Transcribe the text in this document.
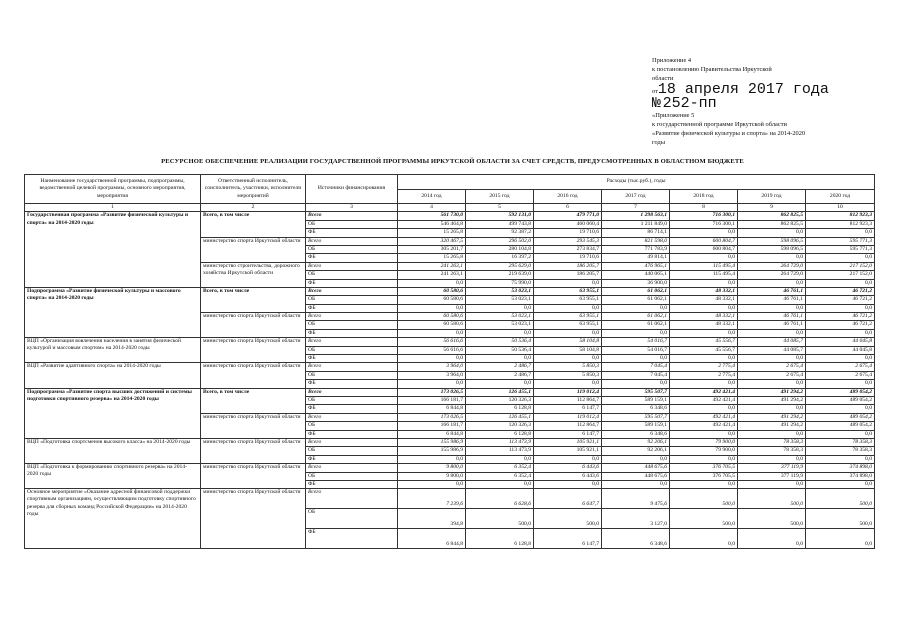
Приложение 4
к постановлению Правительства Иркутской
области
от18 апреля 2017 года
№ 252-пп
«Приложение 5
к государственной программе Иркутской области
«Развитие физической культуры и спорта» на 2014-2020
годы
РЕСУРСНОЕ ОБЕСПЕЧЕНИЕ РЕАЛИЗАЦИИ ГОСУДАРСТВЕННОЙ ПРОГРАММЫ ИРКУТСКОЙ ОБЛАСТИ ЗА СЧЕТ СРЕДСТВ, ПРЕДУСМОТРЕННЫХ В ОБЛАСТНОМ БЮДЖЕТЕ
Наименование государственной программы, подпрограммы, ведомственной целевой программы, основного мероприятия, мероприятия	Ответственный исполнитель, соисполнитель, участники, исполнители мероприятий	Источники финансирования	Расходы (тыс.руб.), годы						
			2014 год	2015 год	2016 год	2017 год	2018 год	2019 год	2020 год
1	2	3	4	5	6	7	8	9	10
Государственная программа «Развитие физической культуры и спорта» на 2014-2020 годы	Всего, в том числе	Всего	561 730,0	592 131,0	479 771,0	1 298 563,1	716 300,1	862 825,5	812 923,3
		ОБ	546 464,8	499 743,8	460 060,4	1 211 849,0	716 300,1	862 825,5	812 923,3
		ФБ	15 265,8	92 387,2	19 710,6	86 714,1	0,0	0,0	0,0
	министерство спорта Иркутской области	Всего	320 467,5	296 502,0	293 545,3	821 598,0	600 804,7	598 096,5	595 771,3
		ОБ	305 201,7	280 104,8	273 834,7	771 783,9	600 804,7	598 096,5	595 771,3
		ФБ	15 265,8	16 397,2	19 710,6	49 814,1	0,0	0,0	0,0
	министерство строительства, дорожного хозяйства Иркутской области	Всего	241 263,1	295 629,0	186 205,7	476 965,1	115 495,4	264 729,0	217 152,0
		ОБ	241 263,1	219 639,0	186 205,7	440 065,1	115 495,4	264 729,0	217 152,0
		ФБ	0,0	75 990,0	0,0	36 900,0	0,0	0,0	0,0
Подпрограмма «Развитие физической культуры и массового спорта» на 2014-2020 годы	Всего, в том числе	Всего	60 580,6	53 023,1	63 955,1	61 062,1	48 332,1	46 761,1	46 721,2
		ОБ	60 580,6	53 023,1	63 955,1	61 062,1	48 332,1	46 761,1	46 721,2
		ФБ	0,0	0,0	0,0	0,0	0,0	0,0	0,0
	министерство спорта Иркутской области	Всего	60 580,6	53 023,1	63 955,1	61 062,1	48 332,1	46 761,1	46 721,2
		ОБ	60 580,6	53 023,1	63 955,1	61 062,1	48 332,1	46 761,1	46 721,2
		ФБ	0,0	0,0	0,0	0,0	0,0	0,0	0,0
ВЦП «Организация вовлечения населения в занятия физической культурой и массовым спортом» на 2014-2020 годы	министерство спорта Иркутской области	Всего	56 616,6	50 536,4	58 104,8	54 016,7	45 556,7	44 085,7	44 045,8
		ОБ	56 616,6	50 536,4	58 104,8	54 016,7	45 556,7	44 085,7	44 045,8
		ФБ	0,0	0,0	0,0	0,0	0,0	0,0	0,0
ВЦП «Развитие адаптивного спорта» на 2014-2020 годы	министерство спорта Иркутской области	Всего	3 964,0	2 486,7	5 850,3	7 045,4	2 775,4	2 675,4	2 675,4
		ОБ	3 964,0	2 486,7	5 850,3	7 045,4	2 775,4	2 675,4	2 675,4
		ФБ	0,0	0,0	0,0	0,0	0,0	0,0	0,0
Подпрограмма «Развитие спорта высших достижений и системы подготовки спортивного резерва» на 2014-2020 годы	Всего, в том числе	Всего	173 026,5	126 455,1	119 012,4	595 507,7	492 421,4	491 294,2	489 054,2
		ОБ	166 181,7	120 326,3	112 864,7	589 159,1	492 421,4	491 294,2	489 054,2
		ФБ	6 844,8	6 128,8	6 147,7	6 348,6	0,0	0,0	0,0
	министерство спорта Иркутской области	Всего	173 026,5	126 455,1	119 012,4	595 507,7	492 421,4	491 294,2	489 054,2
		ОБ	166 181,7	120 326,3	112 864,7	589 159,1	492 421,4	491 294,2	489 054,2
		ФБ	6 844,8	6 128,8	6 147,7	6 348,6	0,0	0,0	0,0
ВЦП «Подготовка спортсменов высокого класса» на 2014-2020 годы	министерство спорта Иркутской области	Всего	155 986,9	113 473,9	105 921,1	92 206,1	79 900,0	78 358,3	78 358,3
		ОБ	155 986,9	113 473,9	105 921,1	92 206,1	79 900,0	78 358,3	78 358,3
		ФБ	0,0	0,0	0,0	0,0	0,0	0,0	0,0
ВЦП «Подготовка к формированию спортивного резерва» на 2014-2020 годы	министерство спорта Иркутской области	Всего	9 800,0	6 352,4	6 443,6	448 675,6	376 705,5	377 119,9	374 898,0
		ОБ	9 800,0	6 352,4	6 443,6	448 675,6	376 705,5	377 119,9	374 898,0
		ФБ	0,0	0,0	0,0	0,0	0,0	0,0	0,0
Основное мероприятие «Оказание адресной финансовой поддержки спортивным организациям, осуществляющим подготовку спортивного резерва для сборных команд Российской Федерации» на 2014-2020 годы	министерство спорта Иркутской области	Всего	7 239,6	6 628,6	6 647,7	9 475,6	500,0	500,0	500,0
		ОБ	394,8	500,0	500,0	3 127,0	500,0	500,0	500,0
		ФБ	6 844,8	6 128,8	6 147,7	6 348,6	0,0	0,0	0,0
